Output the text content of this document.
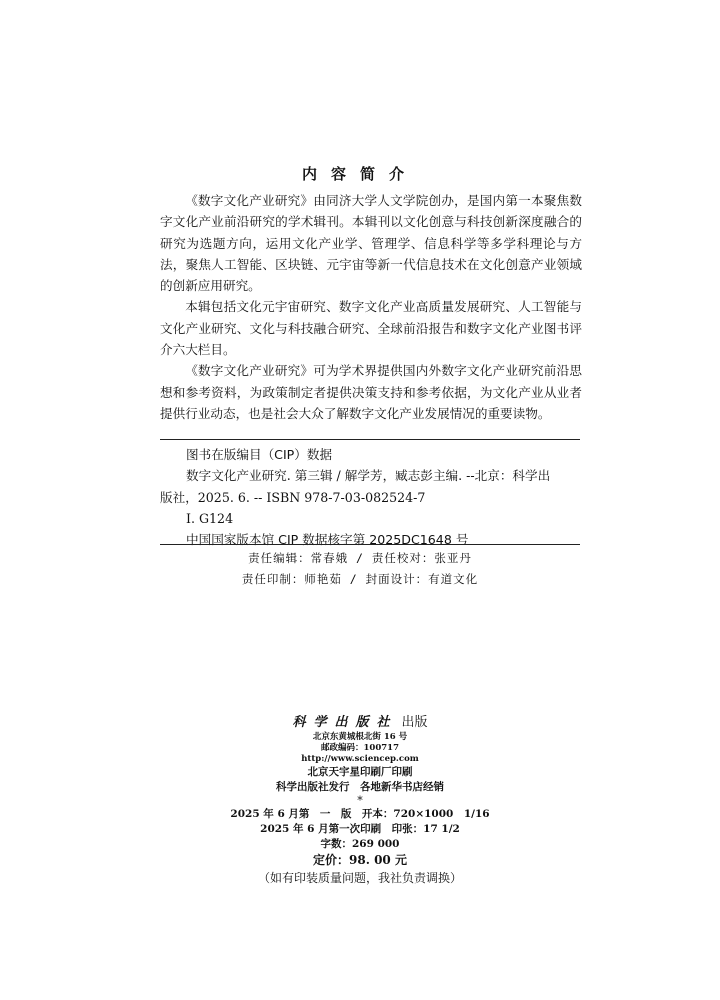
内容简介

《数字文化产业研究》由同济大学人文学院创办，是国内第一本聚焦数字文化产业前沿研究的学术辑刊。本辑刊以文化创意与科技创新深度融合的研究为选题方向，运用文化产业学、管理学、信息科学等多学科理论与方法，聚焦人工智能、区块链、元宇宙等新一代信息技术在文化创意产业领域的创新应用研究。

本辑包括文化元宇宙研究、数字文化产业高质量发展研究、人工智能与文化产业研究、文化与科技融合研究、全球前沿报告和数字文化产业图书评介六大栏目。

《数字文化产业研究》可为学术界提供国内外数字文化产业研究前沿思想和参考资料，为政策制定者提供决策支持和参考依据，为文化产业从业者提供行业动态，也是社会大众了解数字文化产业发展情况的重要读物。

图书在版编目（CIP）数据
数字文化产业研究. 第三辑 / 解学芳，臧志彭主编. --北京：科学出
版社，2025. 6. -- ISBN 978-7-03-082524-7
Ⅰ. G124
中国国家版本馆 CIP 数据核字第 2025DC1648 号
责任编辑：常春娥 / 责任校对：张亚丹
责任印制：师艳茹 / 封面设计：有道文化
科学出版社 出版
北京东黄城根北街 16 号
邮政编码：100717
http://www.sciencep.com
北京天宇星印刷厂印刷
科学出版社发行　各地新华书店经销
*
2025 年 6 月第　一　版　开本：720×1000　1/16
2025 年 6 月第一次印刷　印张：17 1/2
字数：269 000
定价：98. 00 元
（如有印装质量问题，我社负责调换）
